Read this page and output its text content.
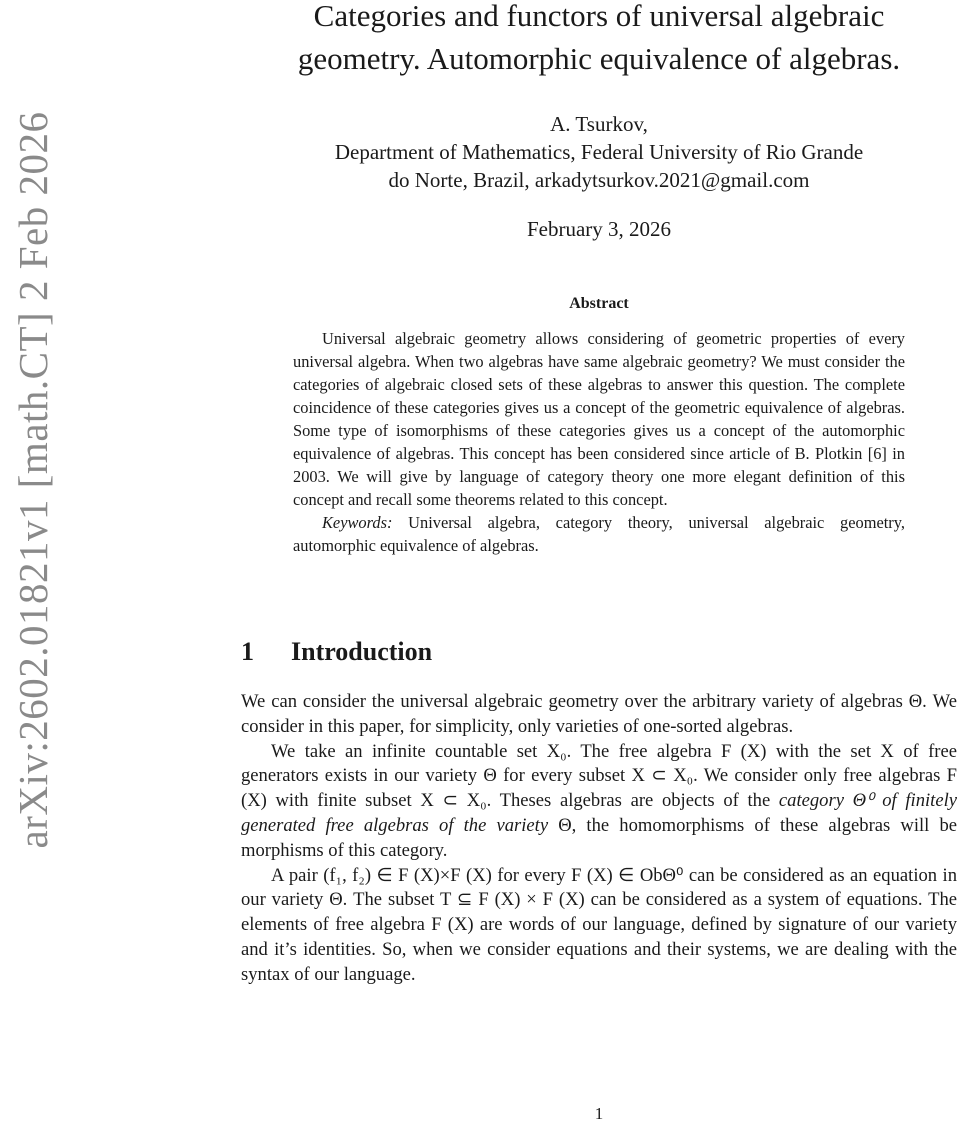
arXiv:2602.01821v1 [math.CT] 2 Feb 2026
Categories and functors of universal algebraic
geometry. Automorphic equivalence of algebras.
A. Tsurkov,
Department of Mathematics, Federal University of Rio Grande
do Norte, Brazil, arkadytsurkov.2021@gmail.com
February 3, 2026
Abstract

Universal algebraic geometry allows considering of geometric properties of every universal algebra. When two algebras have same algebraic geometry? We must consider the categories of algebraic closed sets of these algebras to answer this question. The complete coincidence of these categories gives us a concept of the geometric equivalence of algebras. Some type of isomorphisms of these categories gives us a concept of the automorphic equivalence of algebras. This concept has been considered since article of B. Plotkin [6] in 2003. We will give by language of category theory one more elegant definition of this concept and recall some theorems related to this concept.

Keywords: Universal algebra, category theory, universal algebraic geometry, automorphic equivalence of algebras.

1 Introduction

We can consider the universal algebraic geometry over the arbitrary variety of algebras Θ. We consider in this paper, for simplicity, only varieties of one-sorted algebras.

We take an infinite countable set X₀. The free algebra F (X) with the set X of free generators exists in our variety Θ for every subset X ⊂ X₀. We consider only free algebras F (X) with finite subset X ⊂ X₀. Theses algebras are objects of the category Θ⁰ of finitely generated free algebras of the variety Θ, the homomorphisms of these algebras will be morphisms of this category.

A pair (f₁, f₂) ∈ F (X)×F (X) for every F (X) ∈ ObΘ⁰ can be considered as an equation in our variety Θ. The subset T ⊆ F (X) × F (X) can be considered as a system of equations. The elements of free algebra F (X) are words of our language, defined by signature of our variety and it’s identities. So, when we consider equations and their systems, we are dealing with the syntax of our language.

1
